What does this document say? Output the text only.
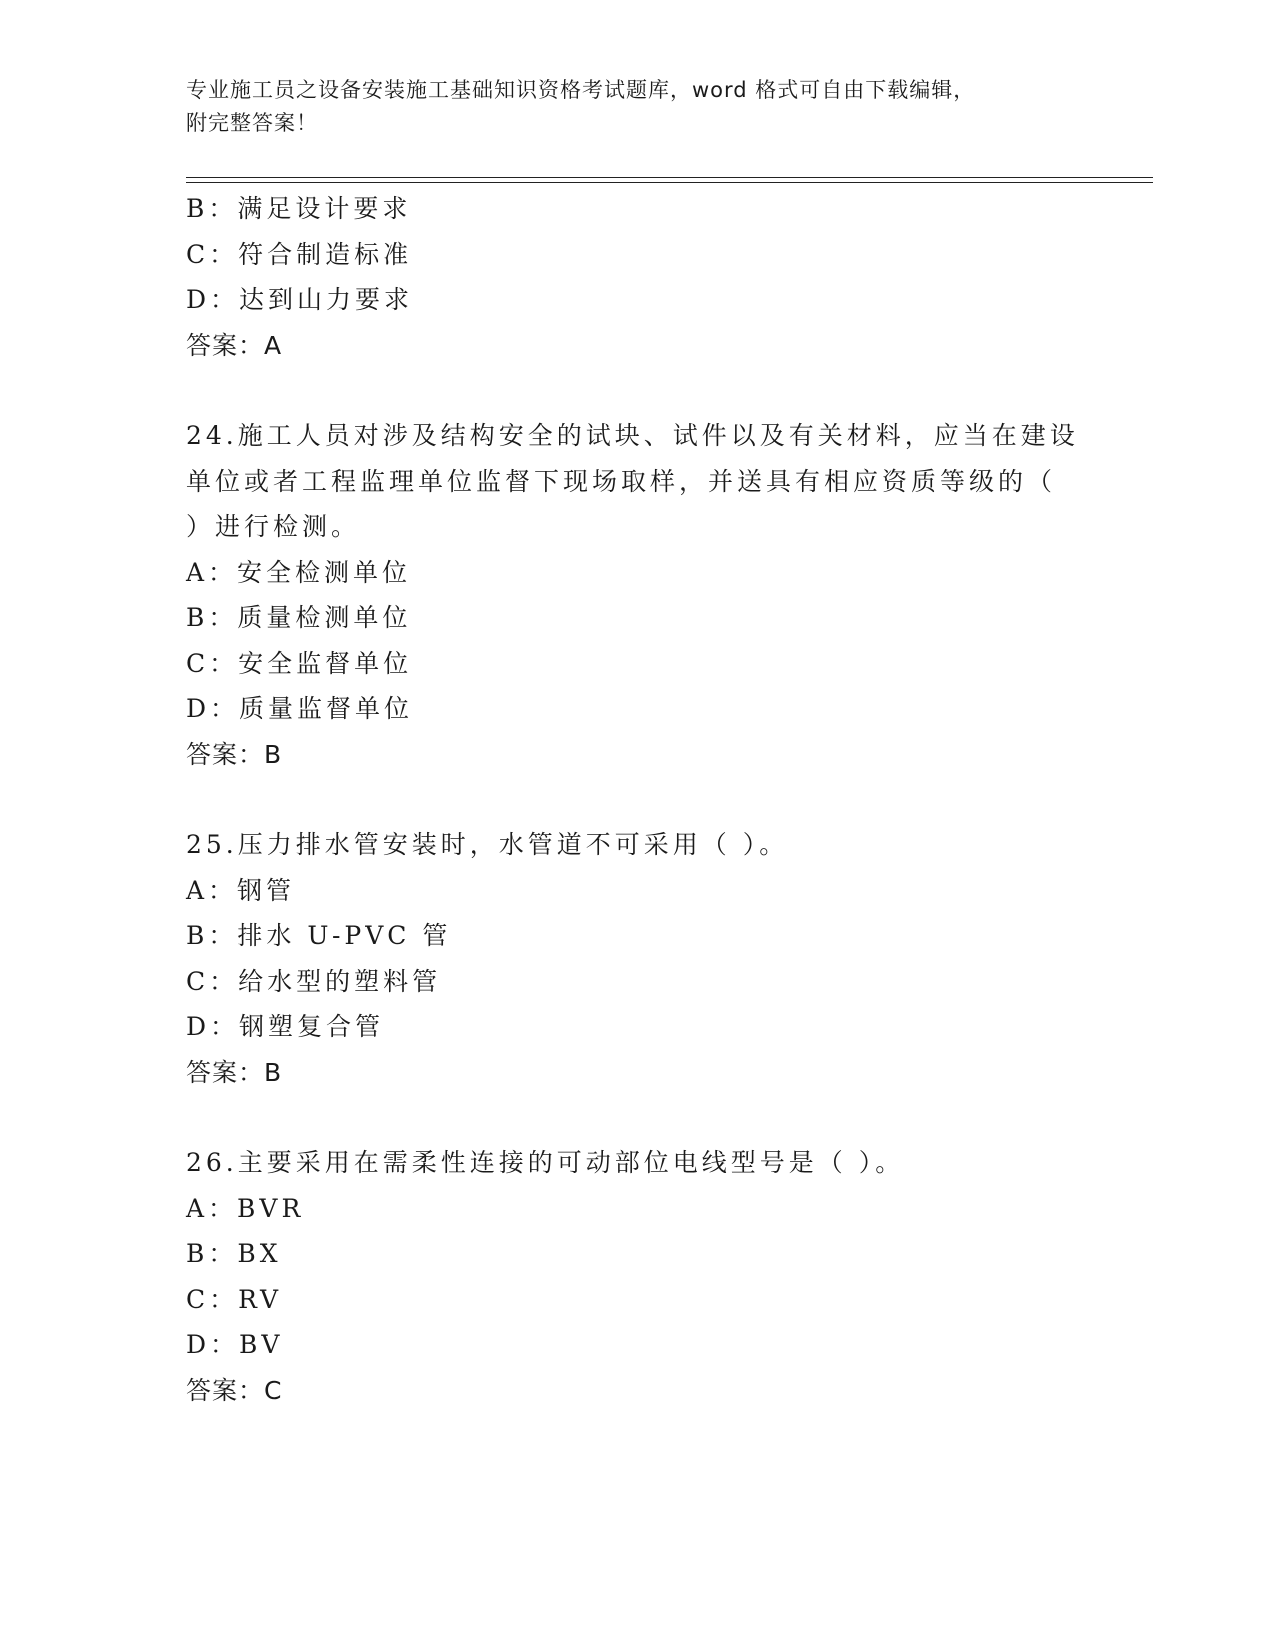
专业施工员之设备安装施工基础知识资格考试题库，word 格式可自由下载编辑，
附完整答案！
B：满足设计要求
C：符合制造标准
D：达到山力要求
答案：A
24.施工人员对涉及结构安全的试块、试件以及有关材料，应当在建设
单位或者工程监理单位监督下现场取样，并送具有相应资质等级的（
）进行检测。
A：安全检测单位
B：质量检测单位
C：安全监督单位
D：质量监督单位
答案：B
25.压力排水管安装时，水管道不可采用（ ）。
A：钢管
B：排水 U-PVC 管
C：给水型的塑料管
D：钢塑复合管
答案：B
26.主要采用在需柔性连接的可动部位电线型号是（ ）。
A：BVR
B：BX
C：RV
D：BV
答案：C
